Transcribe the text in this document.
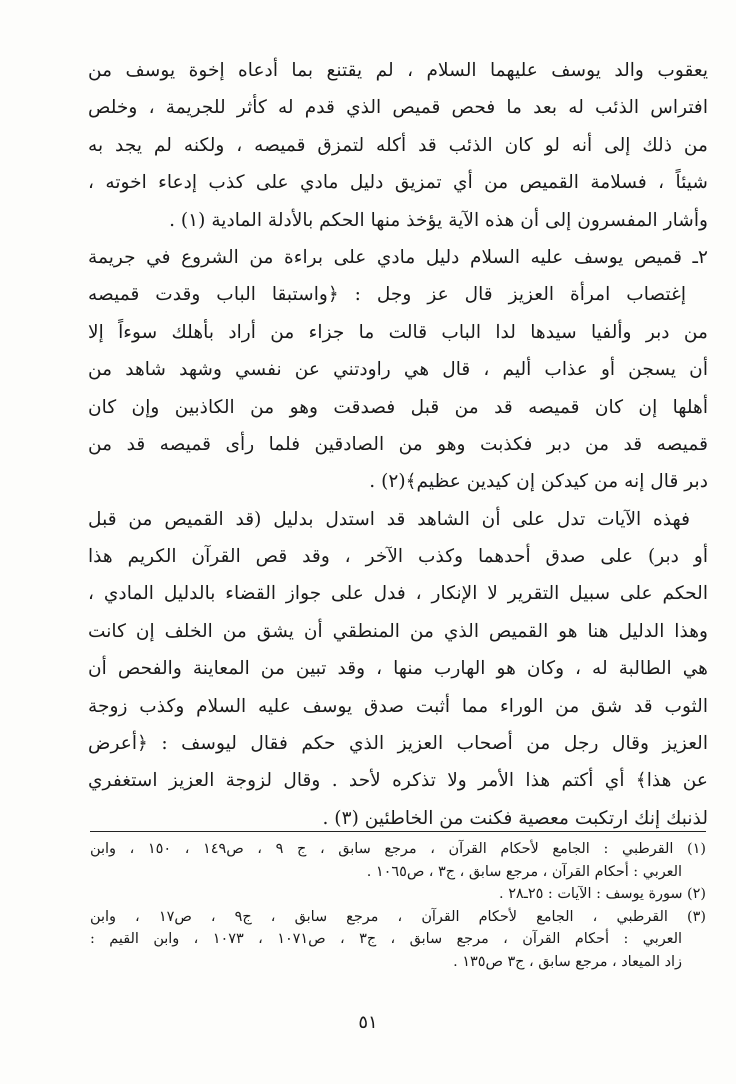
يعقوب والد يوسف عليهما السلام ، لم يقتنع بما أدعاه إخوة يوسف من
افتراس الذئب له بعد ما فحص قميص الذي قدم له كأثر للجريمة ، وخلص
من ذلك إلى أنه لو كان الذئب قد أكله لتمزق قميصه ، ولكنه لم يجد به
شيئاً ، فسلامة القميص من أي تمزيق دليل مادي على كذب إدعاء اخوته ،
وأشار المفسرون إلى أن هذه الآية يؤخذ منها الحكم بالأدلة المادية (١) .
٢ـ قميص يوسف عليه السلام دليل مادي على براءة من الشروع في جريمة
إغتصاب امرأة العزيز قال عز وجل : ﴿واستبقا الباب وقدت قميصه
من دبر وألفيا سيدها لدا الباب قالت ما جزاء من أراد بأهلك سوءاً إلا
أن يسجن أو عذاب أليم ، قال هي راودتني عن نفسي وشهد شاهد من
أهلها إن كان قميصه قد من قبل فصدقت وهو من الكاذبين وإن كان
قميصه قد من دبر فكذبت وهو من الصادقين فلما رأى قميصه قد من
دبر قال إنه من كيدكن إن كيدين عظيم﴾(٢) .
فهذه الآيات تدل على أن الشاهد قد استدل بدليل (قد القميص من قبل
أو دبر) على صدق أحدهما وكذب الآخر ، وقد قص القرآن الكريم هذا
الحكم على سبيل التقرير لا الإنكار ، فدل على جواز القضاء بالدليل المادي ،
وهذا الدليل هنا هو القميص الذي من المنطقي أن يشق من الخلف إن كانت
هي الطالبة له ، وكان هو الهارب منها ، وقد تبين من المعاينة والفحص أن
الثوب قد شق من الوراء مما أثبت صدق يوسف عليه السلام وكذب زوجة
العزيز وقال رجل من أصحاب العزيز الذي حكم فقال ليوسف : ﴿أعرض
عن هذا﴾ أي أكتم هذا الأمر ولا تذكره لأحد . وقال لزوجة العزيز استغفري
لذنبك إنك ارتكبت معصية فكنت من الخاطئين (٣) .
(١) القرطبي : الجامع لأحكام القرآن ، مرجع سابق ، ج ٩ ، ص١٤٩ ، ١٥٠ ، وابن
العربي : أحكام القرآن ، مرجع سابق ، ج٣ ، ص١٠٦٥ .
(٢) سورة يوسف : الآيات : ٢٥ـ٢٨ .
(٣) القرطبي ، الجامع لأحكام القرآن ، مرجع سابق ، ج٩ ، ص١٧ ، وابن
العربي : أحكام القرآن ، مرجع سابق ، ج٣ ، ص١٠٧١ ، ١٠٧٣ ، وابن القيم :
زاد الميعاد ، مرجع سابق ، ج٣ ص١٣٥ .
٥١
